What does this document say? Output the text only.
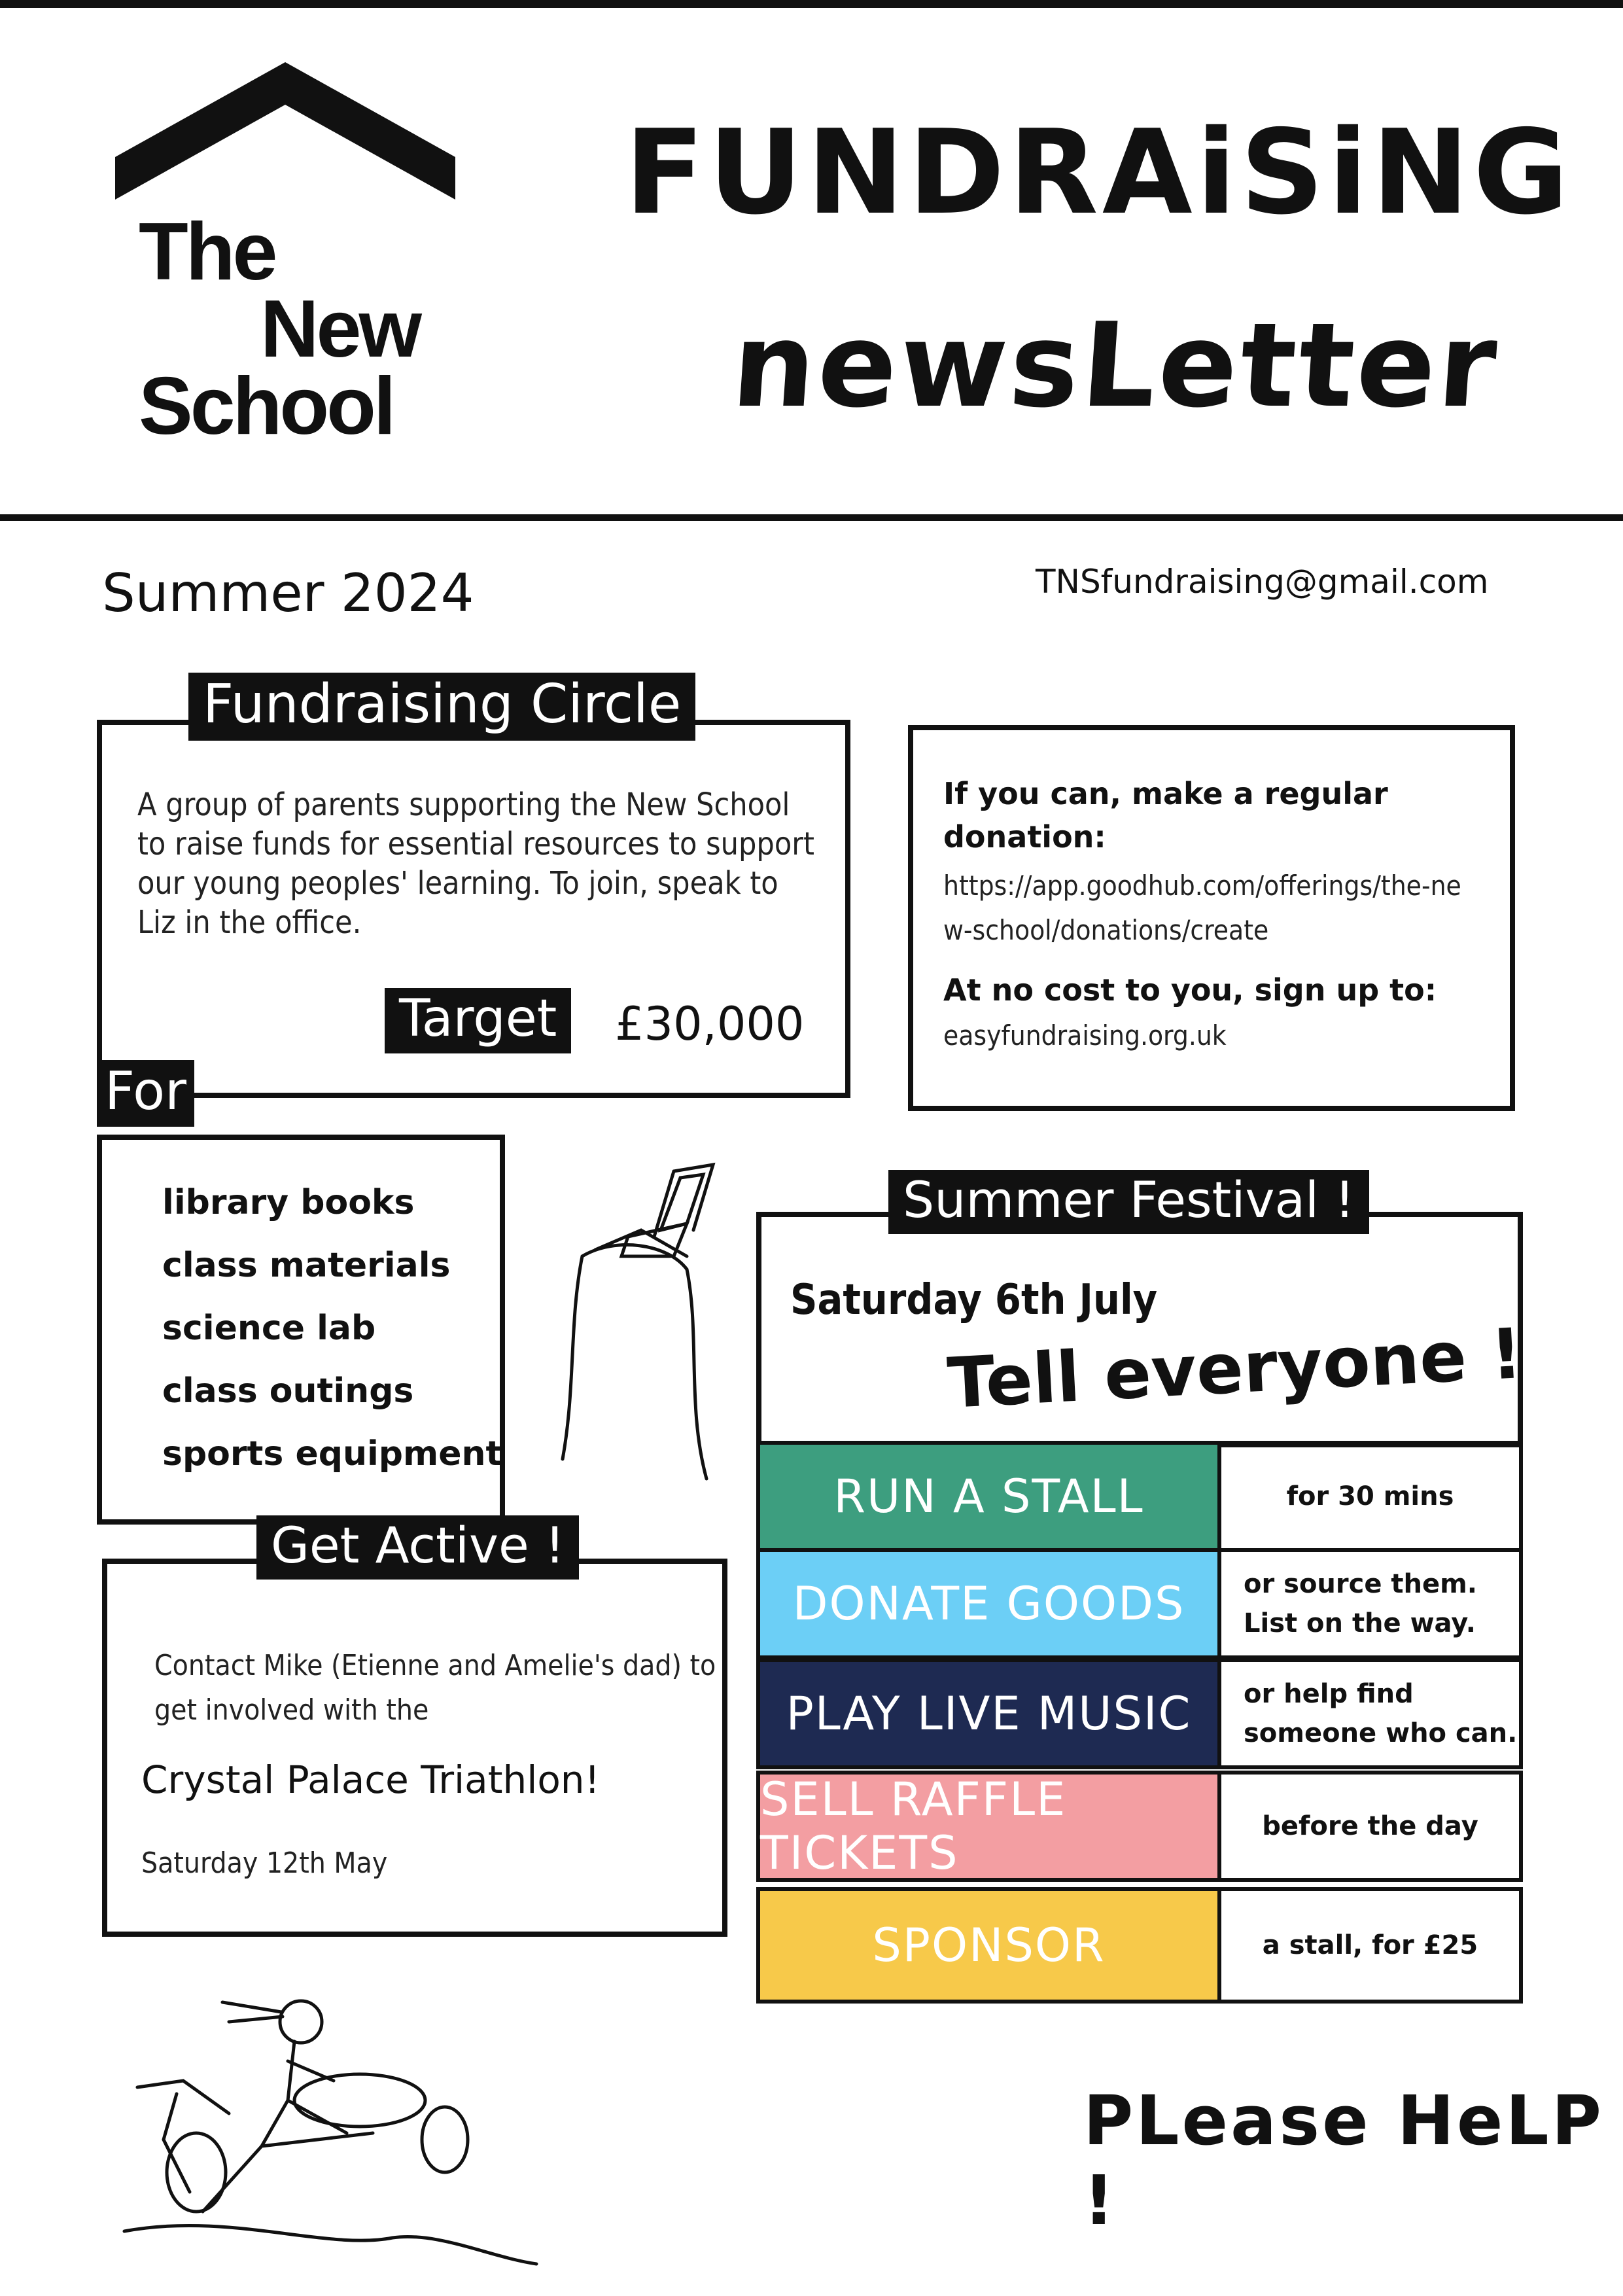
The
New
School
FUNDRAiSiNG
newsLetter
Summer 2024	TNSfundraising@gmail.com
Fundraising Circle
A group of parents supporting the New School to raise funds for essential resources to support our young peoples' learning. To join, speak to Liz in the office.
Target	£30,000
If you can, make a regular donation:
https://app.goodhub.com/offerings/the-new-school/donations/create
At no cost to you, sign up to:
easyfundraising.org.uk
For
library books
class materials
science lab
class outings
sports equipment
Summer Festival !
Saturday 6th July
Tell everyone !
RUN A STALL	for 30 mins
DONATE GOODS	or source them. List on the way.
PLAY LIVE MUSIC	or help find someone who can.
SELL RAFFLE TICKETS	before the day
SPONSOR	a stall, for £25
Get Active !
Contact Mike (Etienne and Amelie's dad) to get involved with the
Crystal Palace Triathlon!
Saturday 12th May
PLease HeLP !
